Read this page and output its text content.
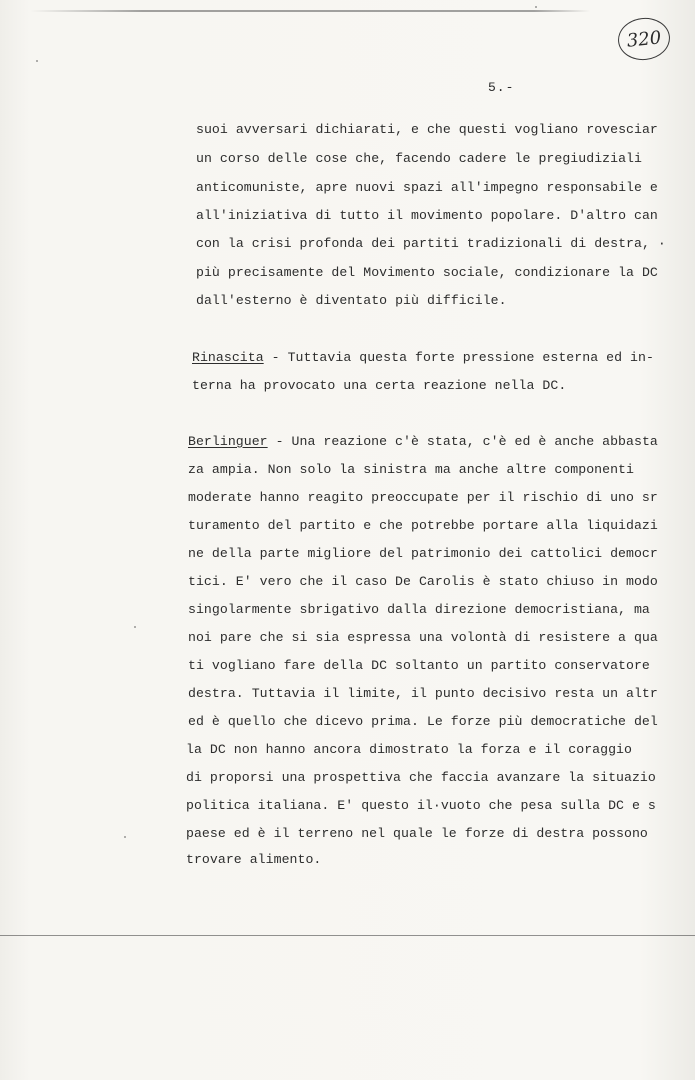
320
5.-
suoi avversari dichiarati, e che questi vogliano rovesciar
un corso delle cose che, facendo cadere le pregiudiziali
anticomuniste, apre nuovi spazi all'impegno responsabile e
all'iniziativa di tutto il movimento popolare. D'altro can
con la crisi profonda dei partiti tradizionali di destra, ·
più precisamente del Movimento sociale, condizionare la DC
dall'esterno è diventato più difficile.
Rinascita - Tuttavia questa forte pressione esterna ed in-
terna ha provocato una certa reazione nella DC.
Berlinguer - Una reazione c'è stata, c'è ed è anche abbasta
za ampia. Non solo la sinistra ma anche altre componenti
moderate hanno reagito preoccupate per il rischio di uno sr
turamento del partito e che potrebbe portare alla liquidazi
ne della parte migliore del patrimonio dei cattolici democr
tici. E' vero che il caso De Carolis è stato chiuso in modo
singolarmente sbrigativo dalla direzione democristiana, ma
noi pare che si sia espressa una volontà di resistere a qua
ti vogliano fare della DC soltanto un partito conservatore
destra. Tuttavia il limite, il punto decisivo resta un altr
ed è quello che dicevo prima. Le forze più democratiche del
la DC non hanno ancora dimostrato la forza e il coraggio
di proporsi una prospettiva che faccia avanzare la situazio
politica italiana. E' questo il·vuoto che pesa sulla DC e s
paese ed è il terreno nel quale le forze di destra possono
trovare alimento.
